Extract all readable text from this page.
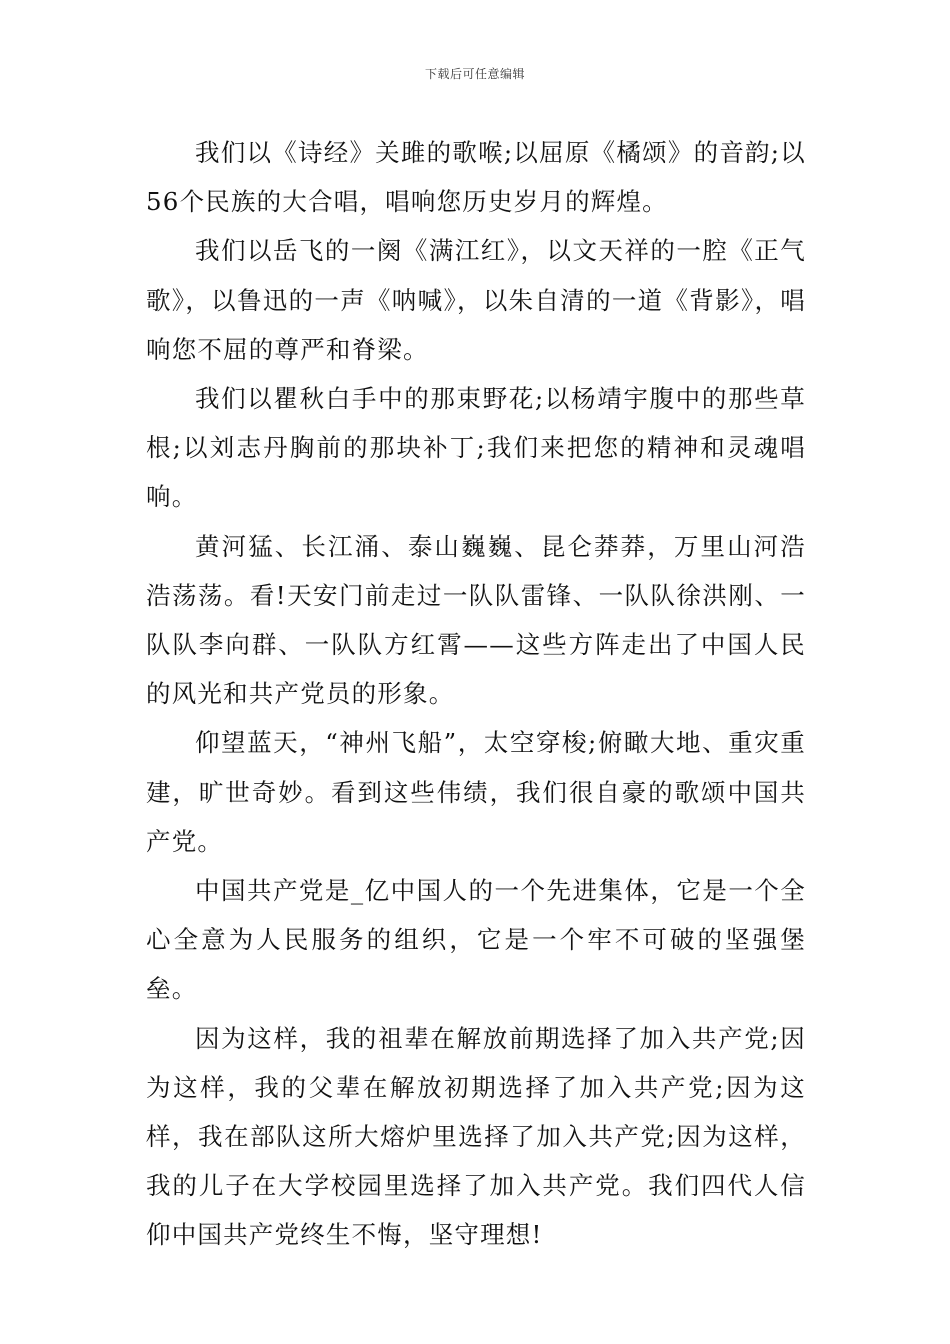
下载后可任意编辑

我们以《诗经》关雎的歌喉;以屈原《橘颂》的音韵;以56个民族的大合唱，唱响您历史岁月的辉煌。

我们以岳飞的一阕《满江红》，以文天祥的一腔《正气歌》，以鲁迅的一声《呐喊》，以朱自清的一道《背影》，唱响您不屈的尊严和脊梁。

我们以瞿秋白手中的那束野花;以杨靖宇腹中的那些草根;以刘志丹胸前的那块补丁;我们来把您的精神和灵魂唱响。

黄河猛、长江涌、泰山巍巍、昆仑莽莽，万里山河浩浩荡荡。看!天安门前走过一队队雷锋、一队队徐洪刚、一队队李向群、一队队方红霄——这些方阵走出了中国人民的风光和共产党员的形象。

仰望蓝天，“神州飞船”，太空穿梭;俯瞰大地、重灾重建，旷世奇妙。看到这些伟绩，我们很自豪的歌颂中国共产党。

中国共产党是_亿中国人的一个先进集体，它是一个全心全意为人民服务的组织，它是一个牢不可破的坚强堡垒。

因为这样，我的祖辈在解放前期选择了加入共产党;因为这样，我的父辈在解放初期选择了加入共产党;因为这样，我在部队这所大熔炉里选择了加入共产党;因为这样，我的儿子在大学校园里选择了加入共产党。我们四代人信仰中国共产党终生不悔，坚守理想!
